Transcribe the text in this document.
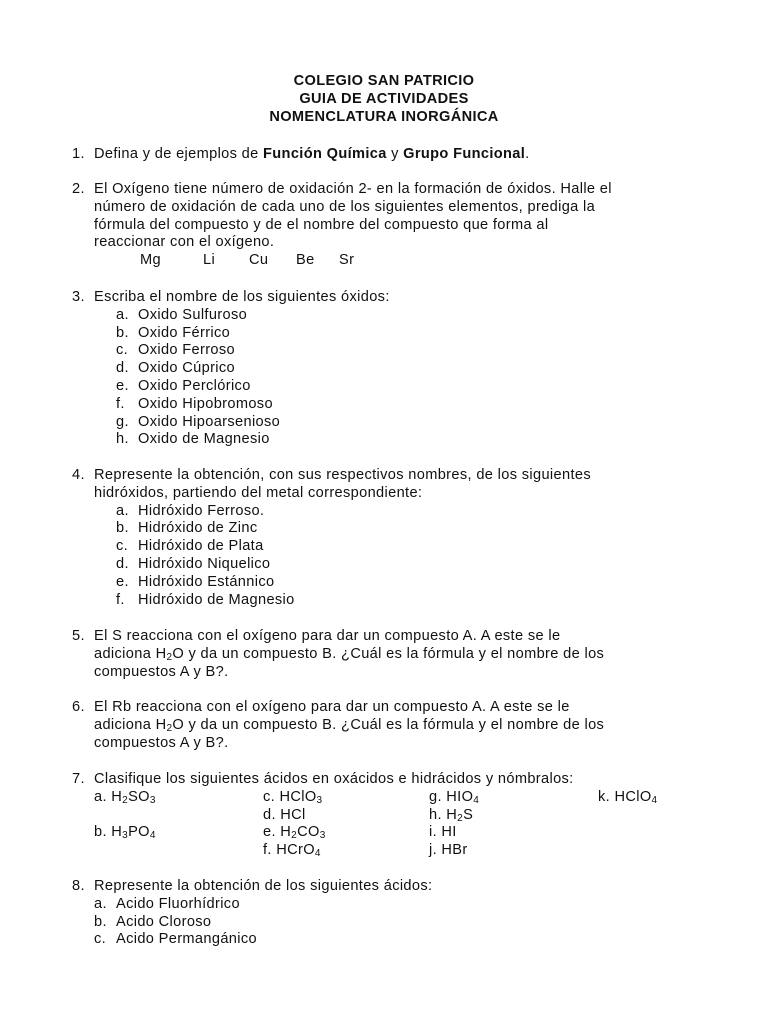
COLEGIO SAN PATRICIO
GUIA DE ACTIVIDADES
NOMENCLATURA INORGÁNICA
1. Defina y de ejemplos de Función Química y Grupo Funcional.
2. El Oxígeno tiene número de oxidación 2- en la formación de óxidos. Halle el
número de oxidación de cada uno de los siguientes elementos, prediga la
fórmula del compuesto y de el nombre del compuesto que forma al
reaccionar con el oxígeno.
Mg	Li Cu Be Sr
3. Escriba el nombre de los siguientes óxidos:
a. Oxido Sulfuroso
b. Oxido Férrico
c. Oxido Ferroso
d. Oxido Cúprico
e. Oxido Perclórico
f. Oxido Hipobromoso
g. Oxido Hipoarsenioso
h. Oxido de Magnesio
4. Represente la obtención, con sus respectivos nombres, de los siguientes
hidróxidos, partiendo del metal correspondiente:
a. Hidróxido Ferroso.
b. Hidróxido de Zinc
c. Hidróxido de Plata
d. Hidróxido Niquelico
e. Hidróxido Estánnico
f. Hidróxido de Magnesio
5. El S reacciona con el oxígeno para dar un compuesto A. A este se le
adiciona $H_2O$ y da un compuesto B. ¿Cuál es la fórmula y el nombre de los
compuestos A y B?.
6. El Rb reacciona con el oxígeno para dar un compuesto A. A este se le
adiciona $H_2O$ y da un compuesto B. ¿Cuál es la fórmula y el nombre de los
compuestos A y B?.
7. Clasifique los siguientes ácidos en oxácidos e hidrácidos y nómbralos:
a. $H_2SO_3$
b. $H_3PO_4$
c. HClO$_3$
d. HCl
e. $H_2CO_3$
f. HCrO$_4$
g. $HIO_4$
h. $H_2S$
i. HI
j. HBr
k. HClO$_4$
8. Represente la obtención de los siguientes ácidos:
a. Acido Fluorhídrico
b. Acido Cloroso
c. Acido Permangánico
